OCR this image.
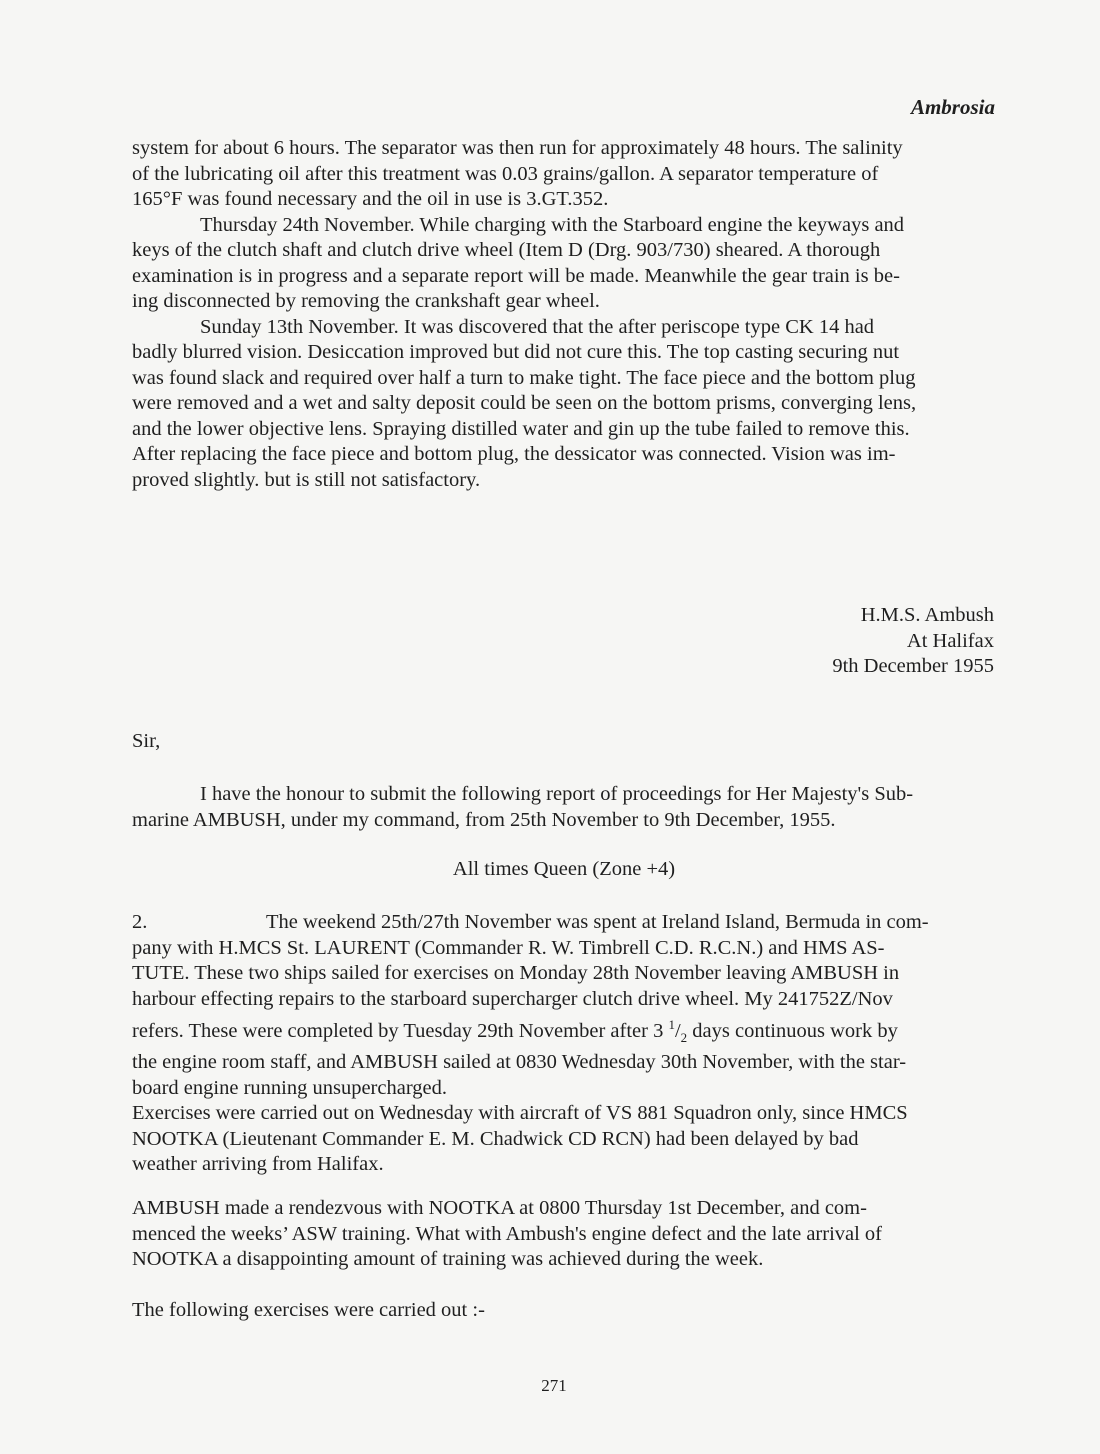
Ambrosia

system for about 6 hours. The separator was then run for approximately 48 hours. The salinity
of the lubricating oil after this treatment was 0.03 grains/gallon. A separator temperature of
165°F was found necessary and the oil in use is 3.GT.352.

Thursday 24th November. While charging with the Starboard engine the keyways and
keys of the clutch shaft and clutch drive wheel (Item D (Drg. 903/730) sheared. A thorough
examination is in progress and a separate report will be made. Meanwhile the gear train is be-
ing disconnected by removing the crankshaft gear wheel.

Sunday 13th November. It was discovered that the after periscope type CK 14 had
badly blurred vision. Desiccation improved but did not cure this. The top casting securing nut
was found slack and required over half a turn to make tight. The face piece and the bottom plug
were removed and a wet and salty deposit could be seen on the bottom prisms, converging lens,
and the lower objective lens. Spraying distilled water and gin up the tube failed to remove this.
After replacing the face piece and bottom plug, the dessicator was connected. Vision was im-
proved slightly. but is still not satisfactory.

H.M.S. Ambush
At Halifax
9th December 1955
Sir,

I have the honour to submit the following report of proceedings for Her Majesty's Sub-
marine AMBUSH, under my command, from 25th November to 9th December, 1955.

All times Queen (Zone +4)

2.	The weekend 25th/27th November was spent at Ireland Island, Bermuda in com-
pany with H.MCS St. LAURENT (Commander R. W. Timbrell C.D. R.C.N.) and HMS AS-
TUTE. These two ships sailed for exercises on Monday 28th November leaving AMBUSH in
harbour effecting repairs to the starboard supercharger clutch drive wheel. My 241752Z/Nov
refers. These were completed by Tuesday 29th November after 3 $^1/_2$ days continuous work by
the engine room staff, and AMBUSH sailed at 0830 Wednesday 30th November, with the star-
board engine running unsupercharged.
Exercises were carried out on Wednesday with aircraft of VS 881 Squadron only, since HMCS
NOOTKA (Lieutenant Commander E. M. Chadwick CD RCN) had been delayed by bad
weather arriving from Halifax.

AMBUSH made a rendezvous with NOOTKA at 0800 Thursday 1st December, and com-
menced the weeks’ ASW training. What with Ambush's engine defect and the late arrival of
NOOTKA a disappointing amount of training was achieved during the week.

The following exercises were carried out :-
271
